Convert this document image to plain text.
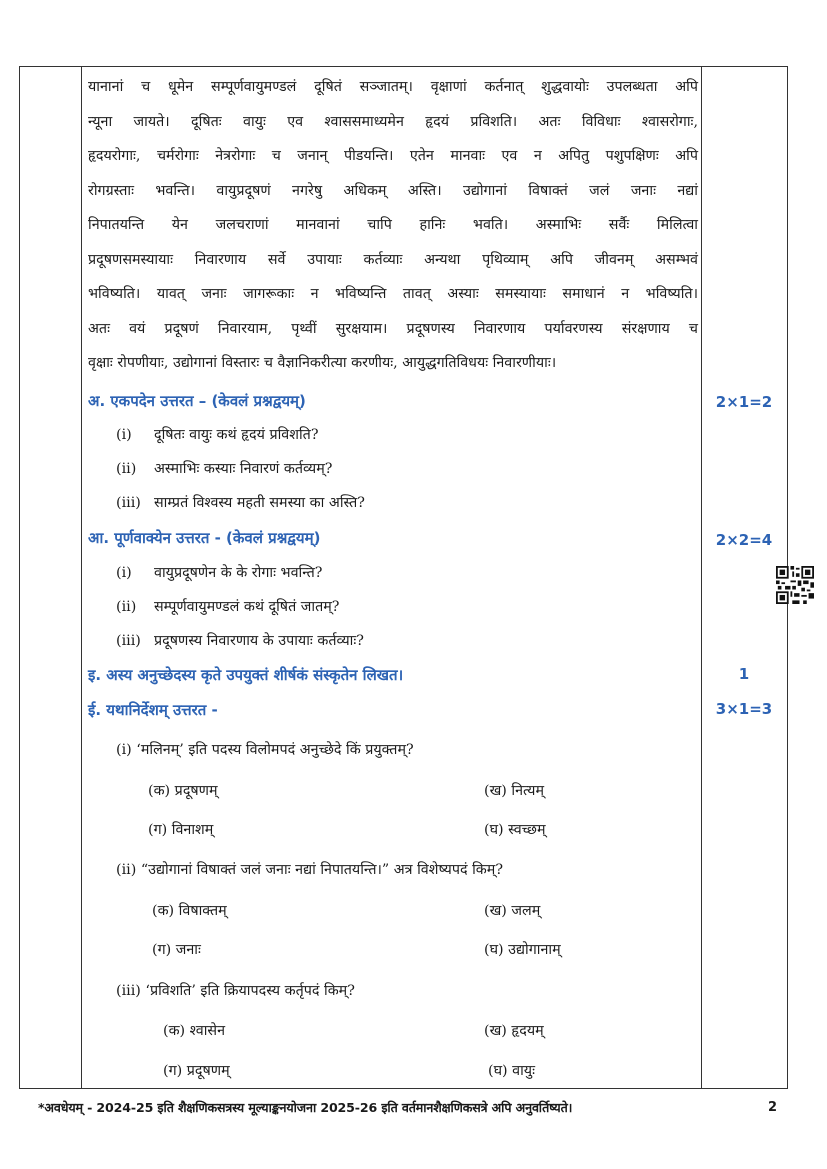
यानानां च धूमेन सम्पूर्णवायुमण्डलं दूषितं सञ्जातम्। वृक्षाणां कर्तनात् शुद्धवायोः उपलब्धता अपि

न्यूना जायते। दूषितः वायुः एव श्वाससमाध्यमेन हृदयं प्रविशति। अतः विविधाः श्वासरोगाः,

हृदयरोगाः, चर्मरोगाः नेत्ररोगाः च जनान् पीडयन्ति। एतेन मानवाः एव न अपितु पशुपक्षिणः अपि

रोगग्रस्ताः भवन्ति। वायुप्रदूषणं नगरेषु अधिकम् अस्ति। उद्योगानां विषाक्तं जलं जनाः नद्यां

निपातयन्ति येन जलचराणां मानवानां चापि हानिः भवति। अस्माभिः सर्वैः मिलित्वा

प्रदूषणसमस्यायाः निवारणाय सर्वे उपायाः कर्तव्याः अन्यथा पृथिव्याम् अपि जीवनम् असम्भवं

भविष्यति। यावत् जनाः जागरूकाः न भविष्यन्ति तावत् अस्याः समस्यायाः समाधानं न भविष्यति।

अतः वयं प्रदूषणं निवारयाम, पृथ्वीं सुरक्षयाम। प्रदूषणस्य निवारणाय पर्यावरणस्य संरक्षणाय च

वृक्षाः रोपणीयाः, उद्योगानां विस्तारः च वैज्ञानिकरीत्या करणीयः, आयुद्धगतिविधयः निवारणीयाः।

अ. एकपदेन उत्तरत – (केवलं प्रश्नद्वयम्)	2×1=2
(i) दूषितः वायुः कथं हृदयं प्रविशति?
(ii) अस्माभिः कस्याः निवारणं कर्तव्यम्?
(iii) साम्प्रतं विश्वस्य महती समस्या का अस्ति?
आ. पूर्णवाक्येन उत्तरत - (केवलं प्रश्नद्वयम्)	2×2=4
(i) वायुप्रदूषणेन के के रोगाः भवन्ति?
(ii) सम्पूर्णवायुमण्डलं कथं दूषितं जातम्?
(iii) प्रदूषणस्य निवारणाय के उपायाः कर्तव्याः?
इ. अस्य अनुच्छेदस्य कृते उपयुक्तं शीर्षकं संस्कृतेन लिखत।	1
ई. यथानिर्देशम् उत्तरत -	3×1=3
(i) ‘मलिनम्’ इति पदस्य विलोमपदं अनुच्छेदे किं प्रयुक्तम्?
(क) प्रदूषणम्	(ख) नित्यम्
(ग) विनाशम्	(घ) स्वच्छम्
(ii) “उद्योगानां विषाक्तं जलं जनाः नद्यां निपातयन्ति।” अत्र विशेष्यपदं किम्?
(क) विषाक्तम्	(ख) जलम्
(ग) जनाः	(घ) उद्योगानाम्
(iii) ‘प्रविशति’ इति क्रियापदस्य कर्तृपदं किम्?
(क) श्वासेन	(ख) हृदयम्
(ग) प्रदूषणम्	(घ) वायुः
*अवधेयम् - 2024-25 इति शैक्षणिकसत्रस्य मूल्याङ्कनयोजना 2025-26 इति वर्तमानशैक्षणिकसत्रे अपि अनुवर्तिष्यते।	2
